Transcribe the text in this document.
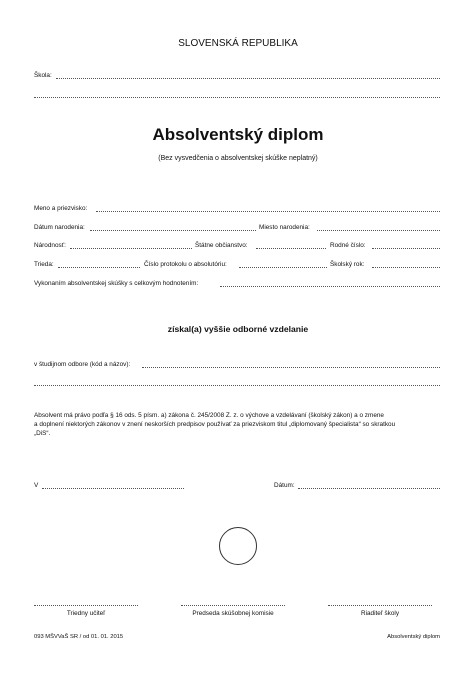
SLOVENSKÁ REPUBLIKA
Škola:
Absolventský diplom
(Bez vysvedčenia o absolventskej skúške neplatný)
Meno a priezvisko:
Dátum narodenia:	Miesto narodenia:
Národnosť:	Štátne občianstvo:	Rodné číslo:
Trieda:	Číslo protokolu o absolutóriu:	Školský rok:
Vykonaním absolventskej skúšky s celkovým hodnotením:
získal(a) vyššie odborné vzdelanie
v študijnom odbore (kód a názov):
Absolvent má právo podľa § 16 ods. 5 písm. a) zákona č. 245/2008 Z. z. o výchove a vzdelávaní (školský zákon) a o zmene
a doplnení niektorých zákonov v znení neskorších predpisov používať za priezviskom titul „diplomovaný špecialista“ so skratkou
„DiS“.
V	Dátum:
Triedny učiteľ	Predseda skúšobnej komisie	Riaditeľ školy
093 MŠVVaŠ SR / od 01. 01. 2015	Absolventský diplom
